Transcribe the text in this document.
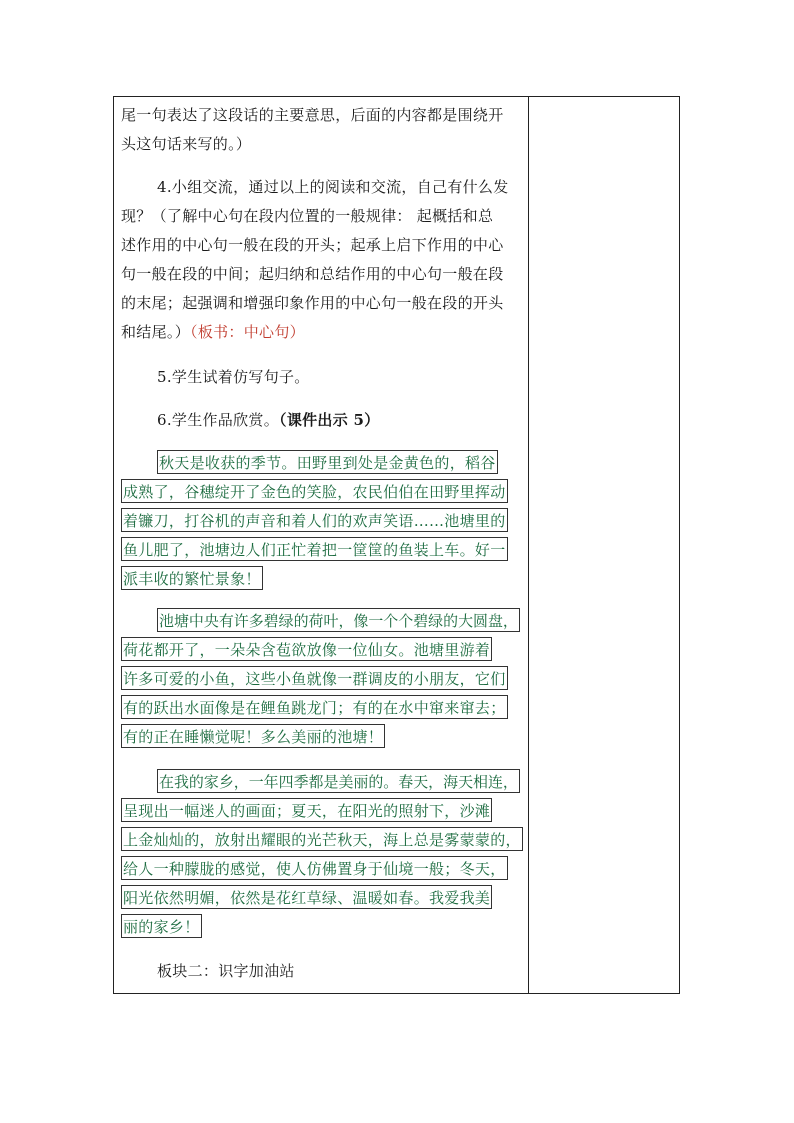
尾一句表达了这段话的主要意思，后面的内容都是围绕开
头这句话来写的。）
4.小组交流，通过以上的阅读和交流，自己有什么发
现？（了解中心句在段内位置的一般规律： 起概括和总
述作用的中心句一般在段的开头；起承上启下作用的中心
句一般在段的中间；起归纳和总结作用的中心句一般在段
的末尾；起强调和增强印象作用的中心句一般在段的开头
和结尾。）（板书：中心句）
5.学生试着仿写句子。
6.学生作品欣赏。（课件出示 5）
秋天是收获的季节。田野里到处是金黄色的，稻谷
成熟了，谷穗绽开了金色的笑脸，农民伯伯在田野里挥动
着镰刀，打谷机的声音和着人们的欢声笑语……池塘里的
鱼儿肥了，池塘边人们正忙着把一筐筐的鱼装上车。好一
派丰收的繁忙景象！
池塘中央有许多碧绿的荷叶，像一个个碧绿的大圆盘，
荷花都开了，一朵朵含苞欲放像一位仙女。池塘里游着
许多可爱的小鱼，这些小鱼就像一群调皮的小朋友，它们
有的跃出水面像是在鲤鱼跳龙门；有的在水中窜来窜去；
有的正在睡懒觉呢！多么美丽的池塘！
在我的家乡，一年四季都是美丽的。春天，海天相连，
呈现出一幅迷人的画面；夏天，在阳光的照射下，沙滩
上金灿灿的，放射出耀眼的光芒秋天，海上总是雾蒙蒙的，
给人一种朦胧的感觉，使人仿佛置身于仙境一般；冬天，
阳光依然明媚，依然是花红草绿、温暖如春。我爱我美
丽的家乡！
板块二：识字加油站
